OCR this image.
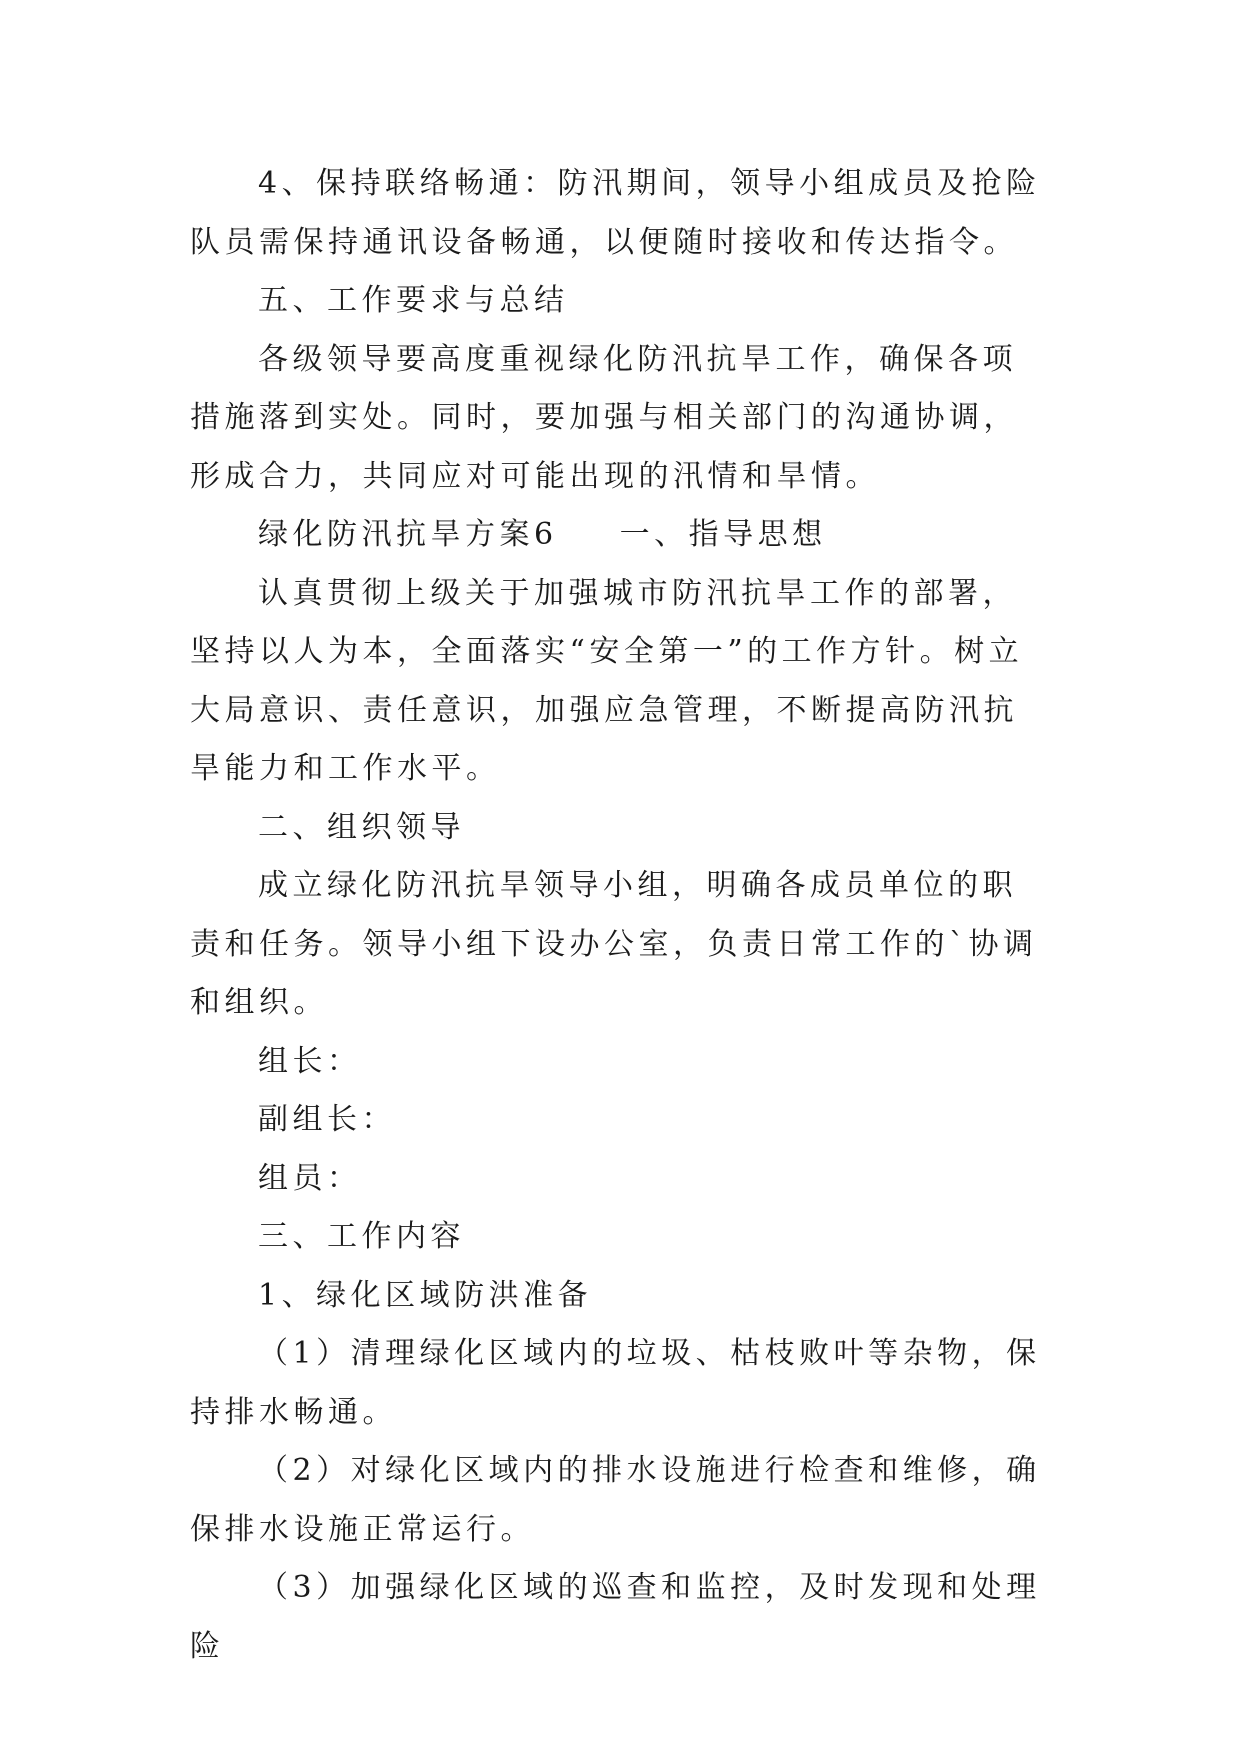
4、保持联络畅通：防汛期间，领导小组成员及抢险队员需保持通讯设备畅通，以便随时接收和传达指令。

五、工作要求与总结

各级领导要高度重视绿化防汛抗旱工作，确保各项措施落到实处。同时，要加强与相关部门的沟通协调，形成合力，共同应对可能出现的汛情和旱情。

绿化防汛抗旱方案6 一、指导思想

认真贯彻上级关于加强城市防汛抗旱工作的部署，坚持以人为本，全面落实“安全第一”的工作方针。树立大局意识、责任意识，加强应急管理，不断提高防汛抗旱能力和工作水平。

二、组织领导

成立绿化防汛抗旱领导小组，明确各成员单位的职责和任务。领导小组下设办公室，负责日常工作的`协调和组织。

组长：

副组长：

组员：

三、工作内容

1、绿化区域防洪准备

（1）清理绿化区域内的垃圾、枯枝败叶等杂物，保持排水畅通。

（2）对绿化区域内的排水设施进行检查和维修，确保排水设施正常运行。

（3）加强绿化区域的巡查和监控，及时发现和处理险
